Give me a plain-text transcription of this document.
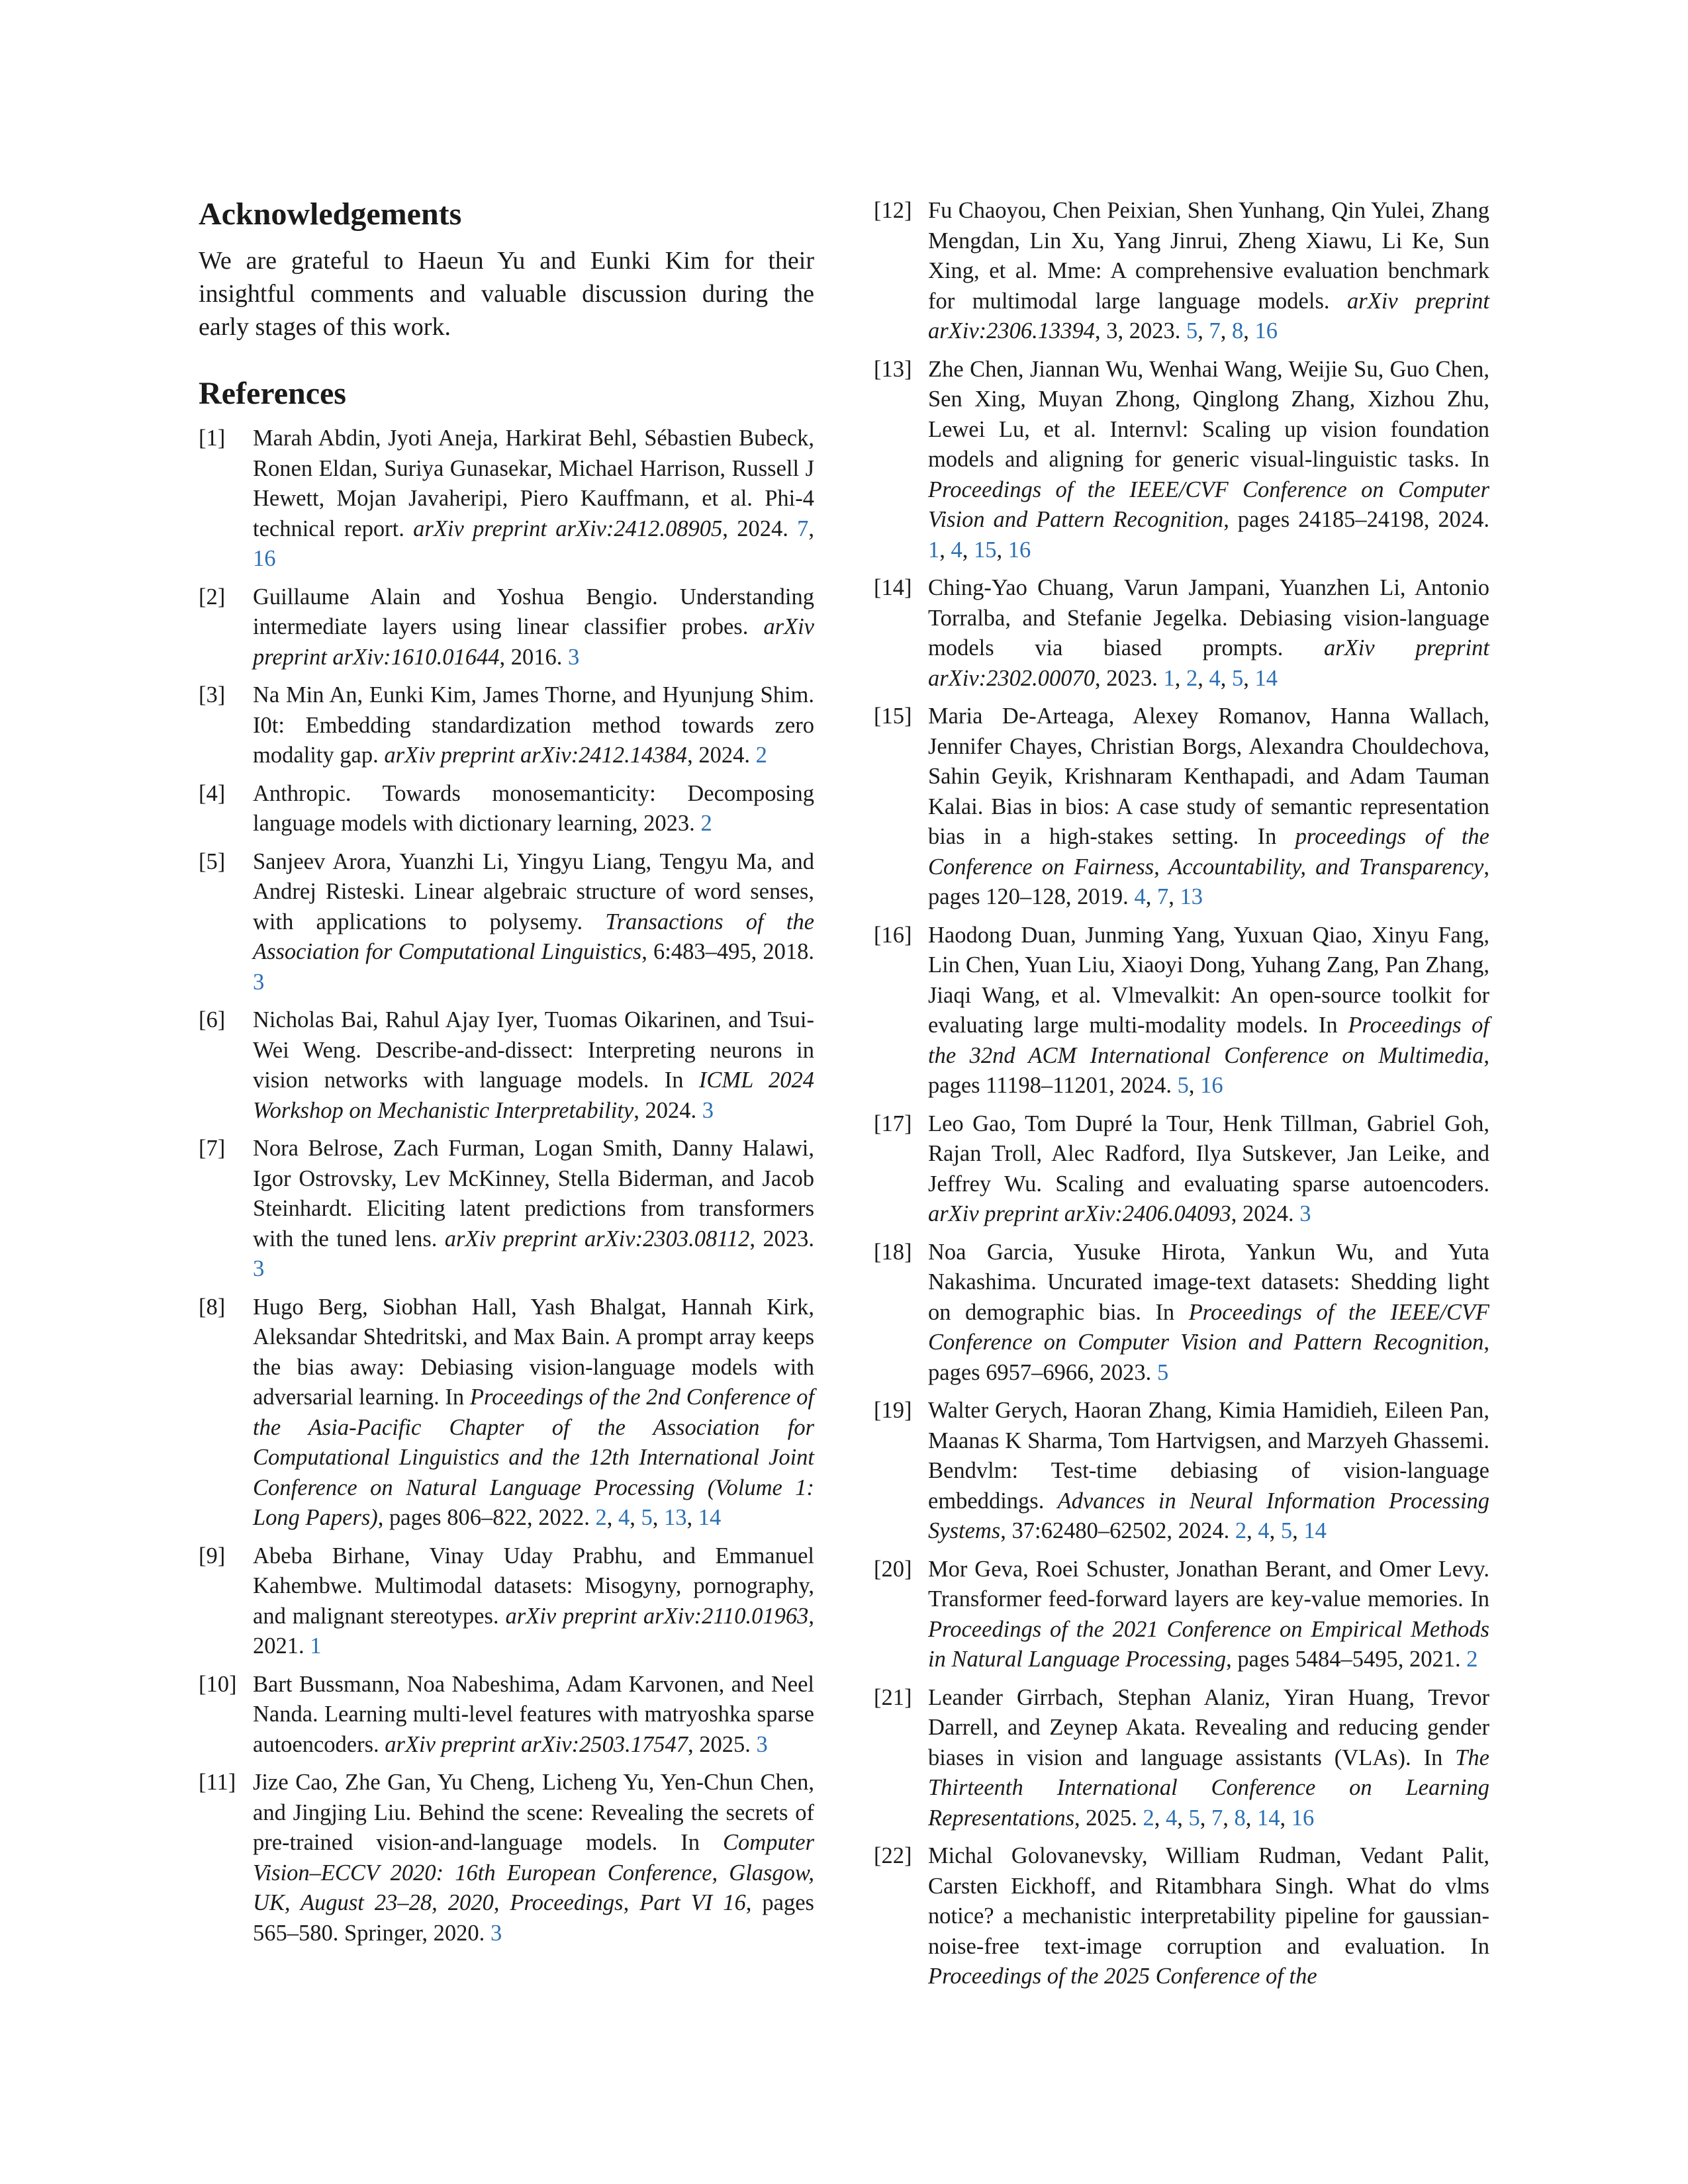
Acknowledgements

We are grateful to Haeun Yu and Eunki Kim for their insightful comments and valuable discussion during the early stages of this work.

References
[1] Marah Abdin, Jyoti Aneja, Harkirat Behl, Sébastien Bubeck, Ronen Eldan, Suriya Gunasekar, Michael Harrison, Russell J Hewett, Mojan Javaheripi, Piero Kauffmann, et al. Phi-4 technical report. arXiv preprint arXiv:2412.08905, 2024. 7, 16
[2] Guillaume Alain and Yoshua Bengio. Understanding intermediate layers using linear classifier probes. arXiv preprint arXiv:1610.01644, 2016. 3
[3] Na Min An, Eunki Kim, James Thorne, and Hyunjung Shim. I0t: Embedding standardization method towards zero modality gap. arXiv preprint arXiv:2412.14384, 2024. 2
[4] Anthropic. Towards monosemanticity: Decomposing language models with dictionary learning, 2023. 2
[5] Sanjeev Arora, Yuanzhi Li, Yingyu Liang, Tengyu Ma, and Andrej Risteski. Linear algebraic structure of word senses, with applications to polysemy. Transactions of the Association for Computational Linguistics, 6:483–495, 2018. 3
[6] Nicholas Bai, Rahul Ajay Iyer, Tuomas Oikarinen, and Tsui-Wei Weng. Describe-and-dissect: Interpreting neurons in vision networks with language models. In ICML 2024 Workshop on Mechanistic Interpretability, 2024. 3
[7] Nora Belrose, Zach Furman, Logan Smith, Danny Halawi, Igor Ostrovsky, Lev McKinney, Stella Biderman, and Jacob Steinhardt. Eliciting latent predictions from transformers with the tuned lens. arXiv preprint arXiv:2303.08112, 2023. 3
[8] Hugo Berg, Siobhan Hall, Yash Bhalgat, Hannah Kirk, Aleksandar Shtedritski, and Max Bain. A prompt array keeps the bias away: Debiasing vision-language models with adversarial learning. In Proceedings of the 2nd Conference of the Asia-Pacific Chapter of the Association for Computational Linguistics and the 12th International Joint Conference on Natural Language Processing (Volume 1: Long Papers), pages 806–822, 2022. 2, 4, 5, 13, 14
[9] Abeba Birhane, Vinay Uday Prabhu, and Emmanuel Kahembwe. Multimodal datasets: Misogyny, pornography, and malignant stereotypes. arXiv preprint arXiv:2110.01963, 2021. 1
[10] Bart Bussmann, Noa Nabeshima, Adam Karvonen, and Neel Nanda. Learning multi-level features with matryoshka sparse autoencoders. arXiv preprint arXiv:2503.17547, 2025. 3
[11] Jize Cao, Zhe Gan, Yu Cheng, Licheng Yu, Yen-Chun Chen, and Jingjing Liu. Behind the scene: Revealing the secrets of pre-trained vision-and-language models. In Computer Vision–ECCV 2020: 16th European Conference, Glasgow, UK, August 23–28, 2020, Proceedings, Part VI 16, pages 565–580. Springer, 2020. 3
[12] Fu Chaoyou, Chen Peixian, Shen Yunhang, Qin Yulei, Zhang Mengdan, Lin Xu, Yang Jinrui, Zheng Xiawu, Li Ke, Sun Xing, et al. Mme: A comprehensive evaluation benchmark for multimodal large language models. arXiv preprint arXiv:2306.13394, 3, 2023. 5, 7, 8, 16
[13] Zhe Chen, Jiannan Wu, Wenhai Wang, Weijie Su, Guo Chen, Sen Xing, Muyan Zhong, Qinglong Zhang, Xizhou Zhu, Lewei Lu, et al. Internvl: Scaling up vision foundation models and aligning for generic visual-linguistic tasks. In Proceedings of the IEEE/CVF Conference on Computer Vision and Pattern Recognition, pages 24185–24198, 2024. 1, 4, 15, 16
[14] Ching-Yao Chuang, Varun Jampani, Yuanzhen Li, Antonio Torralba, and Stefanie Jegelka. Debiasing vision-language models via biased prompts. arXiv preprint arXiv:2302.00070, 2023. 1, 2, 4, 5, 14
[15] Maria De-Arteaga, Alexey Romanov, Hanna Wallach, Jennifer Chayes, Christian Borgs, Alexandra Chouldechova, Sahin Geyik, Krishnaram Kenthapadi, and Adam Tauman Kalai. Bias in bios: A case study of semantic representation bias in a high-stakes setting. In proceedings of the Conference on Fairness, Accountability, and Transparency, pages 120–128, 2019. 4, 7, 13
[16] Haodong Duan, Junming Yang, Yuxuan Qiao, Xinyu Fang, Lin Chen, Yuan Liu, Xiaoyi Dong, Yuhang Zang, Pan Zhang, Jiaqi Wang, et al. Vlmevalkit: An open-source toolkit for evaluating large multi-modality models. In Proceedings of the 32nd ACM International Conference on Multimedia, pages 11198–11201, 2024. 5, 16
[17] Leo Gao, Tom Dupré la Tour, Henk Tillman, Gabriel Goh, Rajan Troll, Alec Radford, Ilya Sutskever, Jan Leike, and Jeffrey Wu. Scaling and evaluating sparse autoencoders. arXiv preprint arXiv:2406.04093, 2024. 3
[18] Noa Garcia, Yusuke Hirota, Yankun Wu, and Yuta Nakashima. Uncurated image-text datasets: Shedding light on demographic bias. In Proceedings of the IEEE/CVF Conference on Computer Vision and Pattern Recognition, pages 6957–6966, 2023. 5
[19] Walter Gerych, Haoran Zhang, Kimia Hamidieh, Eileen Pan, Maanas K Sharma, Tom Hartvigsen, and Marzyeh Ghassemi. Bendvlm: Test-time debiasing of vision-language embeddings. Advances in Neural Information Processing Systems, 37:62480–62502, 2024. 2, 4, 5, 14
[20] Mor Geva, Roei Schuster, Jonathan Berant, and Omer Levy. Transformer feed-forward layers are key-value memories. In Proceedings of the 2021 Conference on Empirical Methods in Natural Language Processing, pages 5484–5495, 2021. 2
[21] Leander Girrbach, Stephan Alaniz, Yiran Huang, Trevor Darrell, and Zeynep Akata. Revealing and reducing gender biases in vision and language assistants (VLAs). In The Thirteenth International Conference on Learning Representations, 2025. 2, 4, 5, 7, 8, 14, 16
[22] Michal Golovanevsky, William Rudman, Vedant Palit, Carsten Eickhoff, and Ritambhara Singh. What do vlms notice? a mechanistic interpretability pipeline for gaussian-noise-free text-image corruption and evaluation. In Proceedings of the 2025 Conference of the
